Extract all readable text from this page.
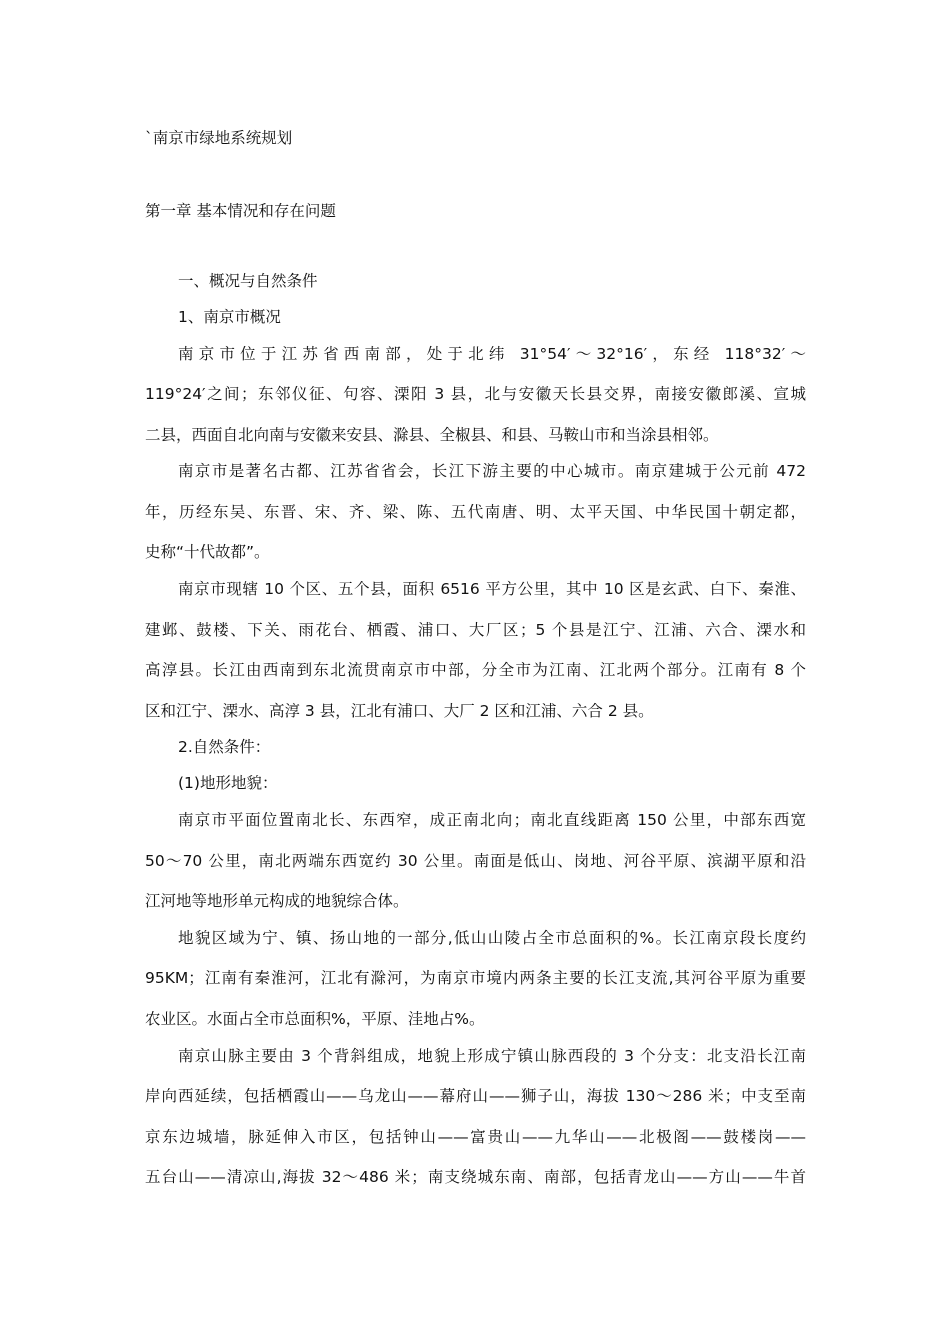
`南京市绿地系统规划
第一章 基本情况和存在问题
一、概况与自然条件
1、南京市概况
南京市位于江苏省西南部，处于北纬 31°54′～32°16′，东经 118°32′～
119°24′之间；东邻仪征、句容、溧阳 3 县，北与安徽天长县交界，南接安徽郎溪、宣城
二县，西面自北向南与安徽来安县、滁县、全椒县、和县、马鞍山市和当涂县相邻。
南京市是著名古都、江苏省省会，长江下游主要的中心城市。南京建城于公元前 472
年，历经东吴、东晋、宋、齐、梁、陈、五代南唐、明、太平天国、中华民国十朝定都，
史称“十代故都”。
南京市现辖 10 个区、五个县，面积 6516 平方公里，其中 10 区是玄武、白下、秦淮、
建邺、鼓楼、下关、雨花台、栖霞、浦口、大厂区；5 个县是江宁、江浦、六合、溧水和
高淳县。长江由西南到东北流贯南京市中部，分全市为江南、江北两个部分。江南有 8 个
区和江宁、溧水、高淳 3 县，江北有浦口、大厂 2 区和江浦、六合 2 县。
2.自然条件：
(1)地形地貌：
南京市平面位置南北长、东西窄，成正南北向；南北直线距离 150 公里，中部东西宽
50～70 公里，南北两端东西宽约 30 公里。南面是低山、岗地、河谷平原、滨湖平原和沿
江河地等地形单元构成的地貌综合体。
地貌区域为宁、镇、扬山地的一部分,低山山陵占全市总面积的%。长江南京段长度约
95KM；江南有秦淮河，江北有滁河，为南京市境内两条主要的长江支流,其河谷平原为重要
农业区。水面占全市总面积%，平原、洼地占%。
南京山脉主要由 3 个背斜组成，地貌上形成宁镇山脉西段的 3 个分支：北支沿长江南
岸向西延续，包括栖霞山——乌龙山——幕府山——狮子山，海拔 130～286 米；中支至南
京东边城墙，脉延伸入市区，包括钟山——富贵山——九华山——北极阁——鼓楼岗——
五台山——清凉山,海拔 32～486 米；南支绕城东南、南部，包括青龙山——方山——牛首
